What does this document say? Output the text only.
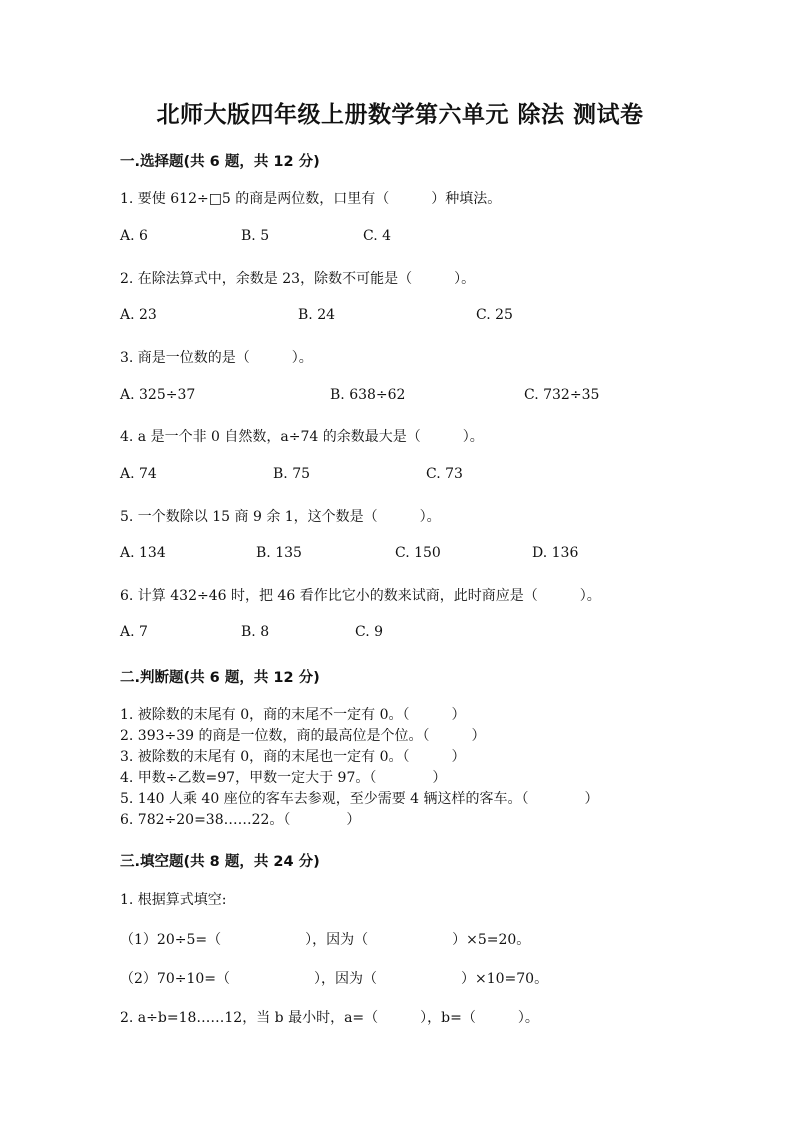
北师大版四年级上册数学第六单元 除法 测试卷
一.选择题(共 6 题，共 12 分)
1. 要使 612÷□5 的商是两位数，口里有（　　　）种填法。
A. 6	B. 5	C. 4
2. 在除法算式中，余数是 23，除数不可能是（　　　）。
A. 23	B. 24	C. 25
3. 商是一位数的是（　　　）。
A. 325÷37	B. 638÷62	C. 732÷35
4. a 是一个非 0 自然数，a÷74 的余数最大是（　　　）。
A. 74	B. 75	C. 73
5. 一个数除以 15 商 9 余 1，这个数是（　　　）。
A. 134	B. 135	C. 150	D. 136
6. 计算 432÷46 时，把 46 看作比它小的数来试商，此时商应是（　　　）。
A. 7	B. 8	C. 9
二.判断题(共 6 题，共 12 分)
1. 被除数的末尾有 0，商的末尾不一定有 0。（　　　）
2. 393÷39 的商是一位数，商的最高位是个位。（　　　）
3. 被除数的末尾有 0，商的末尾也一定有 0。（　　　）
4. 甲数÷乙数=97，甲数一定大于 97。（　　　　）
5. 140 人乘 40 座位的客车去参观，至少需要 4 辆这样的客车。（　　　　）
6. 782÷20=38……22。（　　　　）
三.填空题(共 8 题，共 24 分)
1. 根据算式填空:
（1）20÷5=（　　　　　　），因为（　　　　　　）×5=20。
（2）70÷10=（　　　　　　），因为（　　　　　　）×10=70。
2. a÷b=18……12，当 b 最小时，a=（　　　），b=（　　　）。
